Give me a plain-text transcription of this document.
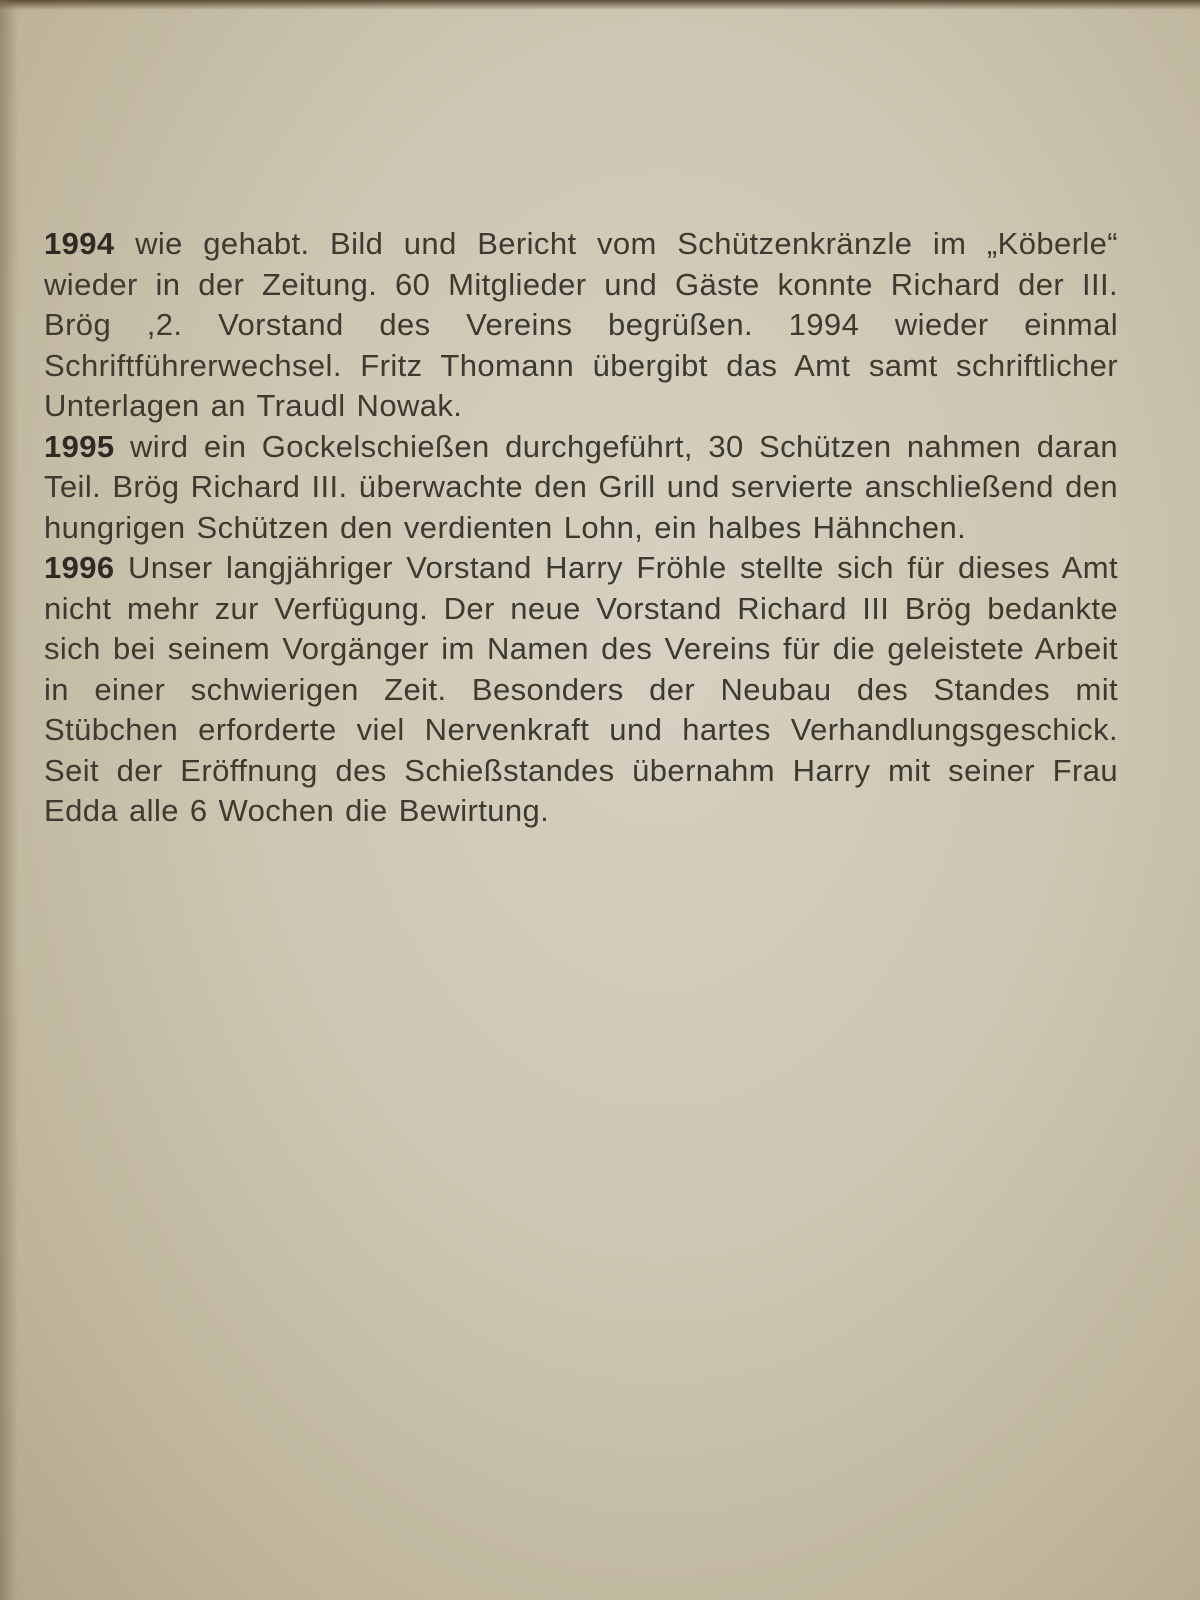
1994 wie gehabt. Bild und Bericht vom Schützenkränzle im „Köberle“ wieder in der Zeitung. 60 Mitglieder und Gäste konnte Richard der III. Brög ,2. Vorstand des Vereins begrüßen. 1994 wieder einmal Schriftführerwechsel. Fritz Thomann übergibt das Amt samt schriftlicher Unterlagen an Traudl Nowak.

1995 wird ein Gockelschießen durchgeführt, 30 Schützen nahmen daran Teil. Brög Richard III. überwachte den Grill und servierte anschließend den hungrigen Schützen den verdienten Lohn, ein halbes Hähnchen.

1996 Unser langjähriger Vorstand Harry Fröhle stellte sich für dieses Amt nicht mehr zur Verfügung. Der neue Vorstand Richard III Brög bedankte sich bei seinem Vorgänger im Namen des Vereins für die geleistete Arbeit in einer schwierigen Zeit. Besonders der Neubau des Standes mit Stübchen erforderte viel Nervenkraft und hartes Verhandlungsgeschick. Seit der Eröffnung des Schießstandes übernahm Harry mit seiner Frau Edda alle 6 Wochen die Bewirtung.
